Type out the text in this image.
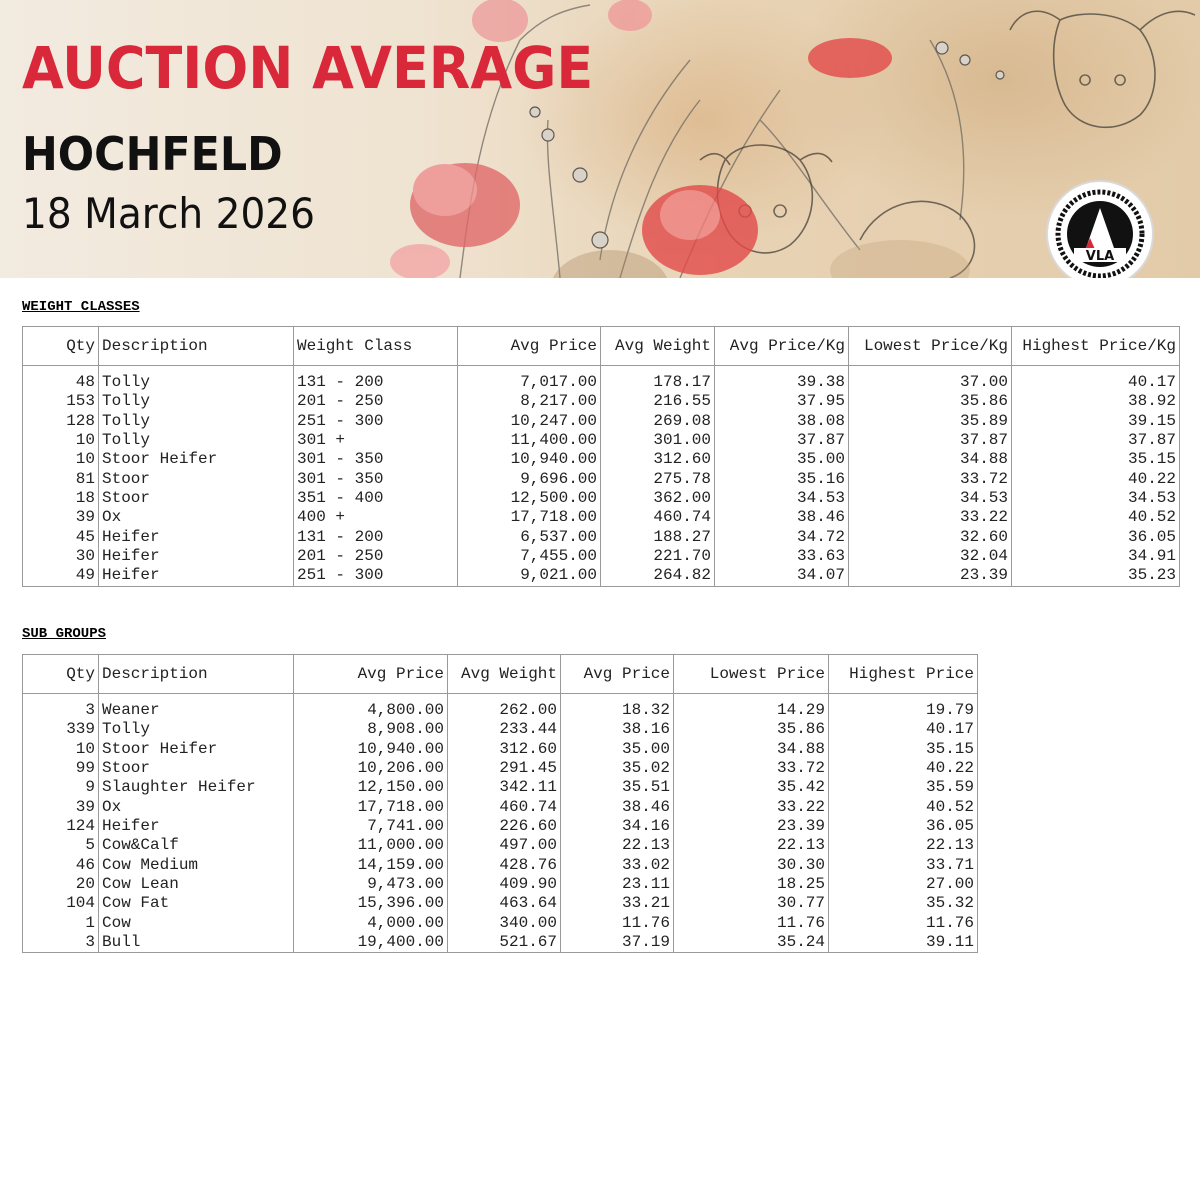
AUCTION AVERAGE
HOCHFELD
18 March 2026
VLA
WEIGHT CLASSES
Qty	Description	Weight Class	Avg Price	Avg Weight	Avg Price/Kg	Lowest Price/Kg	Highest Price/Kg

48	Tolly	131 - 200	7,017.00	178.17	39.38	37.00	40.17
153	Tolly	201 - 250	8,217.00	216.55	37.95	35.86	38.92
128	Tolly	251 - 300	10,247.00	269.08	38.08	35.89	39.15
10	Tolly	301 +	11,400.00	301.00	37.87	37.87	37.87
10	Stoor Heifer	301 - 350	10,940.00	312.60	35.00	34.88	35.15
81	Stoor	301 - 350	9,696.00	275.78	35.16	33.72	40.22
18	Stoor	351 - 400	12,500.00	362.00	34.53	34.53	34.53
39	Ox	400 +	17,718.00	460.74	38.46	33.22	40.52
45	Heifer	131 - 200	6,537.00	188.27	34.72	32.60	36.05
30	Heifer	201 - 250	7,455.00	221.70	33.63	32.04	34.91
49	Heifer	251 - 300	9,021.00	264.82	34.07	23.39	35.23
SUB GROUPS
Qty	Description	Avg Price	Avg Weight	Avg Price	Lowest Price	Highest Price

3	Weaner	4,800.00	262.00	18.32	14.29	19.79
339	Tolly	8,908.00	233.44	38.16	35.86	40.17
10	Stoor Heifer	10,940.00	312.60	35.00	34.88	35.15
99	Stoor	10,206.00	291.45	35.02	33.72	40.22
9	Slaughter Heifer	12,150.00	342.11	35.51	35.42	35.59
39	Ox	17,718.00	460.74	38.46	33.22	40.52
124	Heifer	7,741.00	226.60	34.16	23.39	36.05
5	Cow&Calf	11,000.00	497.00	22.13	22.13	22.13
46	Cow Medium	14,159.00	428.76	33.02	30.30	33.71
20	Cow Lean	9,473.00	409.90	23.11	18.25	27.00
104	Cow Fat	15,396.00	463.64	33.21	30.77	35.32
1	Cow	4,000.00	340.00	11.76	11.76	11.76
3	Bull	19,400.00	521.67	37.19	35.24	39.11
